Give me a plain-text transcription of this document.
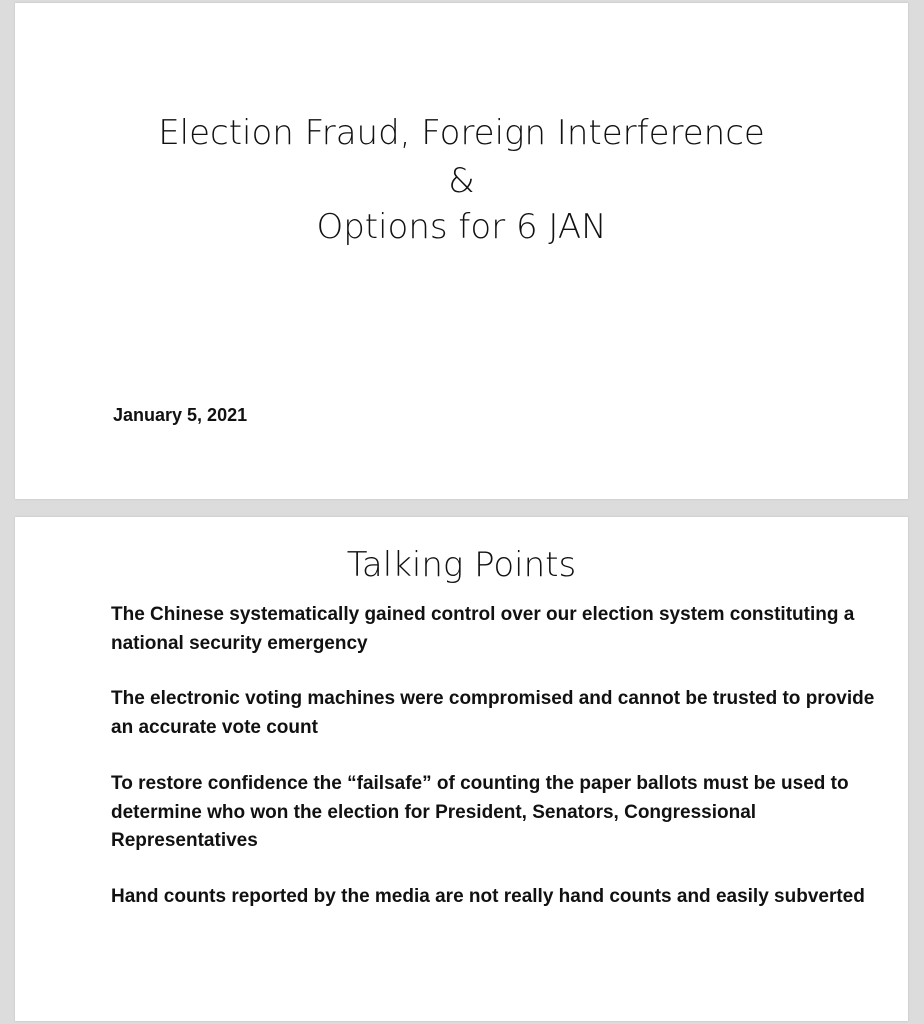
Election Fraud, Foreign Interference
&
Options for 6 JAN
January 5, 2021
Talking Points
The Chinese systematically gained control over our election system constituting a national security emergency
The electronic voting machines were compromised and cannot be trusted to provide an accurate vote count
To restore confidence the “failsafe” of counting the paper ballots must be used to determine who won the election for President, Senators, Congressional Representatives
Hand counts reported by the media are not really hand counts and easily subverted
